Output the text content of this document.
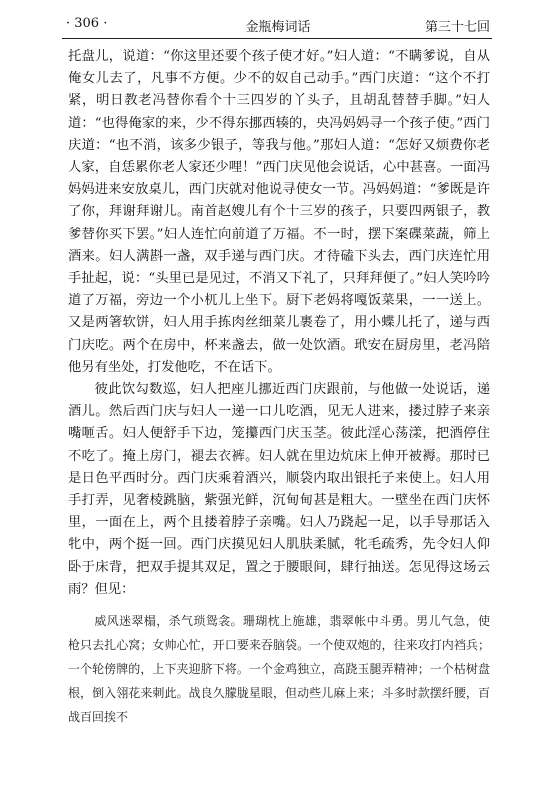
· 306 ·	金瓶梅词话	第三十七回

托盘儿，说道：“你这里还要个孩子使才好。”妇人道：“不瞒爹说，自从俺女儿去了，凡事不方便。少不的奴自己动手。”西门庆道：“这个不打紧，明日教老冯替你看个十三四岁的丫头子，且胡乱替替手脚。”妇人道：“也得俺家的来，少不得东挪西辏的，央冯妈妈寻一个孩子使。”西门庆道：“也不消，该多少银子，等我与他。”那妇人道：“怎好又烦费你老人家，自恁累你老人家还少哩！”西门庆见他会说话，心中甚喜。一面冯妈妈进来安放桌儿，西门庆就对他说寻使女一节。冯妈妈道：“爹既是许了你，拜谢拜谢儿。南首赵嫂儿有个十三岁的孩子，只要四两银子，教爹替你买下罢。”妇人连忙向前道了万福。不一时，摆下案碟菜蔬，筛上酒来。妇人满斟一盏，双手递与西门庆。才待磕下头去，西门庆连忙用手扯起，说：“头里已是见过，不消又下礼了，只拜拜便了。”妇人笑吟吟道了万福，旁边一个小杌儿上坐下。厨下老妈将嘎饭菜果，一一送上。又是两箸软饼，妇人用手拣肉丝细菜儿裹卷了，用小蝶儿托了，递与西门庆吃。两个在房中，杯来盏去，做一处饮酒。玳安在厨房里，老冯陪他另有坐处，打发他吃，不在话下。

彼此饮勾数巡，妇人把座儿挪近西门庆跟前，与他做一处说话，递酒儿。然后西门庆与妇人一递一口儿吃酒，见无人进来，搂过脖子来亲嘴咂舌。妇人便舒手下边，笼攥西门庆玉茎。彼此淫心荡漾，把酒停住不吃了。掩上房门，褪去衣裤。妇人就在里边炕床上伸开被褥。那时已是日色平西时分。西门庆乘着酒兴，顺袋内取出银托子来使上。妇人用手打弄，见奢棱跳脑，紫强光鲜，沉甸甸甚是粗大。一壁坐在西门庆怀里，一面在上，两个且搂着脖子亲嘴。妇人乃跷起一足，以手导那话入牝中，两个挺一回。西门庆摸见妇人肌肤柔腻，牝毛疏秀，先令妇人仰卧于床背，把双手提其双足，置之于腰眼间，肆行抽送。怎见得这场云雨？但见：

威风迷翠榻，杀气琐鸳衾。珊瑚枕上施雄，翡翠帐中斗勇。男儿气急，使枪只去扎心窝；女帅心忙，开口要来吞脑袋。一个使双炮的，往来攻打内裆兵；一个轮傍牌的，上下夹迎脐下将。一个金鸡独立，高跷玉腿弄精神；一个枯树盘根，倒入翎花来刺此。战良久朦胧星眼，但动些儿麻上来；斗多时款摆纤腰，百战百回挨不
